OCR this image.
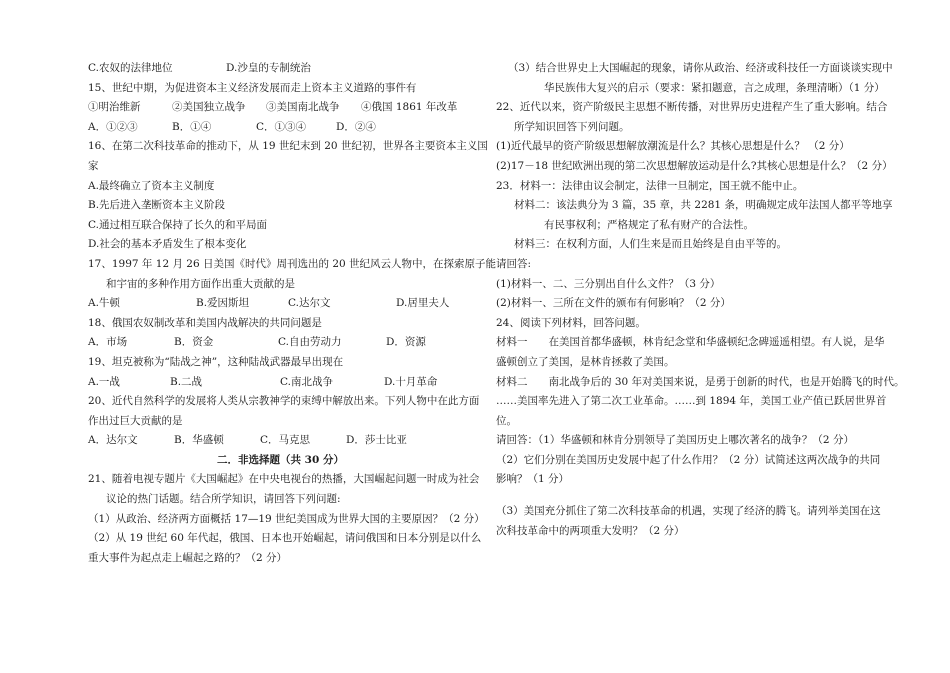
C.农奴的法律地位	D.沙皇的专制统治
15、世纪中期，为促进资本主义经济发展而走上资本主义道路的事件有
①明治维新	②美国独立战争	③美国南北战争	④俄国 1861 年改革
A．①②③	B．①④	C．①③④	D．②④
16、在第二次科技革命的推动下，从 19 世纪末到 20 世纪初，世界各主要资本主义国
家
A.最终确立了资本主义制度
B.先后进入垄断资本主义阶段
C.通过相互联合保持了长久的和平局面
D.社会的基本矛盾发生了根本变化
17、1997 年 12 月 26 日美国《时代》周刊选出的 20 世纪风云人物中，在探索原子能
和宇宙的多种作用方面作出重大贡献的是
A.牛顿	B.爱因斯坦	C.达尔文	D.居里夫人
18、俄国农奴制改革和美国内战解决的共同问题是
A．市场	B．资金	C.自由劳动力	D．资源
19、坦克被称为“陆战之神”，这种陆战武器最早出现在
A.一战	B.二战	C.南北战争	D.十月革命
20、近代自然科学的发展将人类从宗教神学的束缚中解放出来。下列人物中在此方面
作出过巨大贡献的是
A．达尔文	B．华盛顿	C．马克思	D．莎士比亚
二．非选择题（共 30 分）
21、随着电视专题片《大国崛起》在中央电视台的热播，大国崛起问题一时成为社会
议论的热门话题。结合所学知识，请回答下列问题:
（1）从政治、经济两方面概括 17—19 世纪美国成为世界大国的主要原因？（2 分）
（2）从 19 世纪 60 年代起，俄国、日本也开始崛起，请问俄国和日本分别是以什么
重大事件为起点走上崛起之路的？（2 分）
（3）结合世界史上大国崛起的现象，请你从政治、经济或科技任一方面谈谈实现中
华民族伟大复兴的启示（要求：紧扣题意，言之成理，条理清晰）（1 分）
22、近代以来，资产阶级民主思想不断传播，对世界历史进程产生了重大影响。结合
所学知识回答下列问题。
(1)近代最早的资产阶级思想解放潮流是什么？其核心思想是什么？ （2 分）
(2)17－18 世纪欧洲出现的第二次思想解放运动是什么?其核心思想是什么？（2 分）
23．材料一：法律由议会制定，法律一旦制定，国王就不能中止。
材料二：该法典分为 3 篇，35 章，共 2281 条，明确规定成年法国人都平等地享
有民事权利；严格规定了私有财产的合法性。
材料三：在权利方面，人们生来是而且始终是自由平等的。
请回答:
(1)材料一、二、三分别出自什么文件？（3 分）
(2)材料一、三所在文件的颁布有何影响？（2 分）
24、阅读下列材料，回答问题。
材料一　　在美国首都华盛顿，林肯纪念堂和华盛顿纪念碑遥遥相望。有人说，是华
盛顿创立了美国，是林肯拯救了美国。
材料二　　南北战争后的 30 年对美国来说，是勇于创新的时代，也是开始腾飞的时代。
……美国率先进入了第二次工业革命。……到 1894 年，美国工业产值已跃居世界首
位。
请回答：（1）华盛顿和林肯分别领导了美国历史上哪次著名的战争？（2 分）
（2）它们分别在美国历史发展中起了什么作用？（2 分）试简述这两次战争的共同
影响？（1 分）
（3）美国充分抓住了第二次科技革命的机遇，实现了经济的腾飞。请列举美国在这
次科技革命中的两项重大发明？（2 分）
